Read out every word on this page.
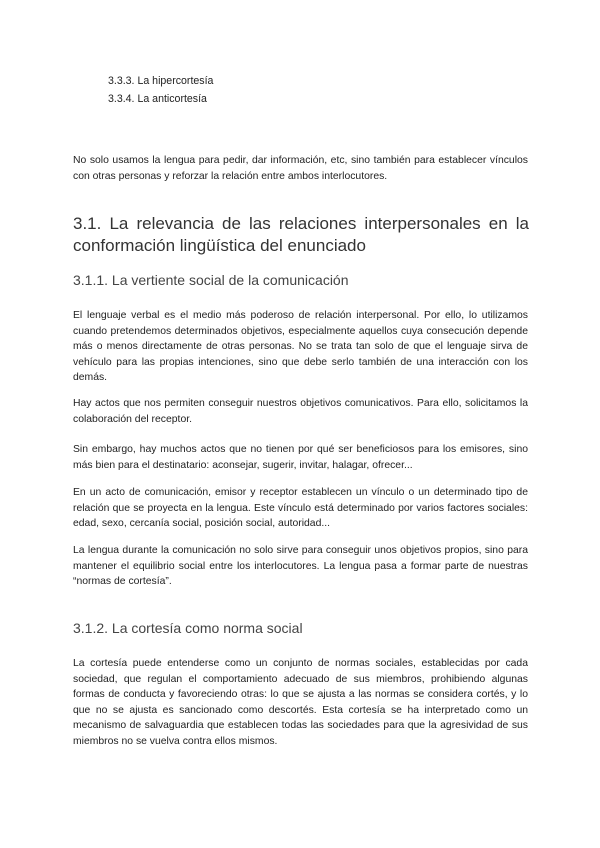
3.3.3. La hipercortesía
3.3.4. La anticortesía

No solo usamos la lengua para pedir, dar información, etc, sino también para establecer vínculos con otras personas y reforzar la relación entre ambos interlocutores.

3.1. La relevancia de las relaciones interpersonales en la conformación lingüística del enunciado
3.1.1. La vertiente social de la comunicación

El lenguaje verbal es el medio más poderoso de relación interpersonal. Por ello, lo utilizamos cuando pretendemos determinados objetivos, especialmente aquellos cuya consecución depende más o menos directamente de otras personas. No se trata tan solo de que el lenguaje sirva de vehículo para las propias intenciones, sino que debe serlo también de una interacción con los demás.

Hay actos que nos permiten conseguir nuestros objetivos comunicativos. Para ello, solicitamos la colaboración del receptor.

Sin embargo, hay muchos actos que no tienen por qué ser beneficiosos para los emisores, sino más bien para el destinatario: aconsejar, sugerir, invitar, halagar, ofrecer...

En un acto de comunicación, emisor y receptor establecen un vínculo o un determinado tipo de relación que se proyecta en la lengua. Este vínculo está determinado por varios factores sociales: edad, sexo, cercanía social, posición social, autoridad...

La lengua durante la comunicación no solo sirve para conseguir unos objetivos propios, sino para mantener el equilibrio social entre los interlocutores. La lengua pasa a formar parte de nuestras “normas de cortesía”.

3.1.2. La cortesía como norma social

La cortesía puede entenderse como un conjunto de normas sociales, establecidas por cada sociedad, que regulan el comportamiento adecuado de sus miembros, prohibiendo algunas formas de conducta y favoreciendo otras: lo que se ajusta a las normas se considera cortés, y lo que no se ajusta es sancionado como descortés. Esta cortesía se ha interpretado como un mecanismo de salvaguardia que establecen todas las sociedades para que la agresividad de sus miembros no se vuelva contra ellos mismos.
